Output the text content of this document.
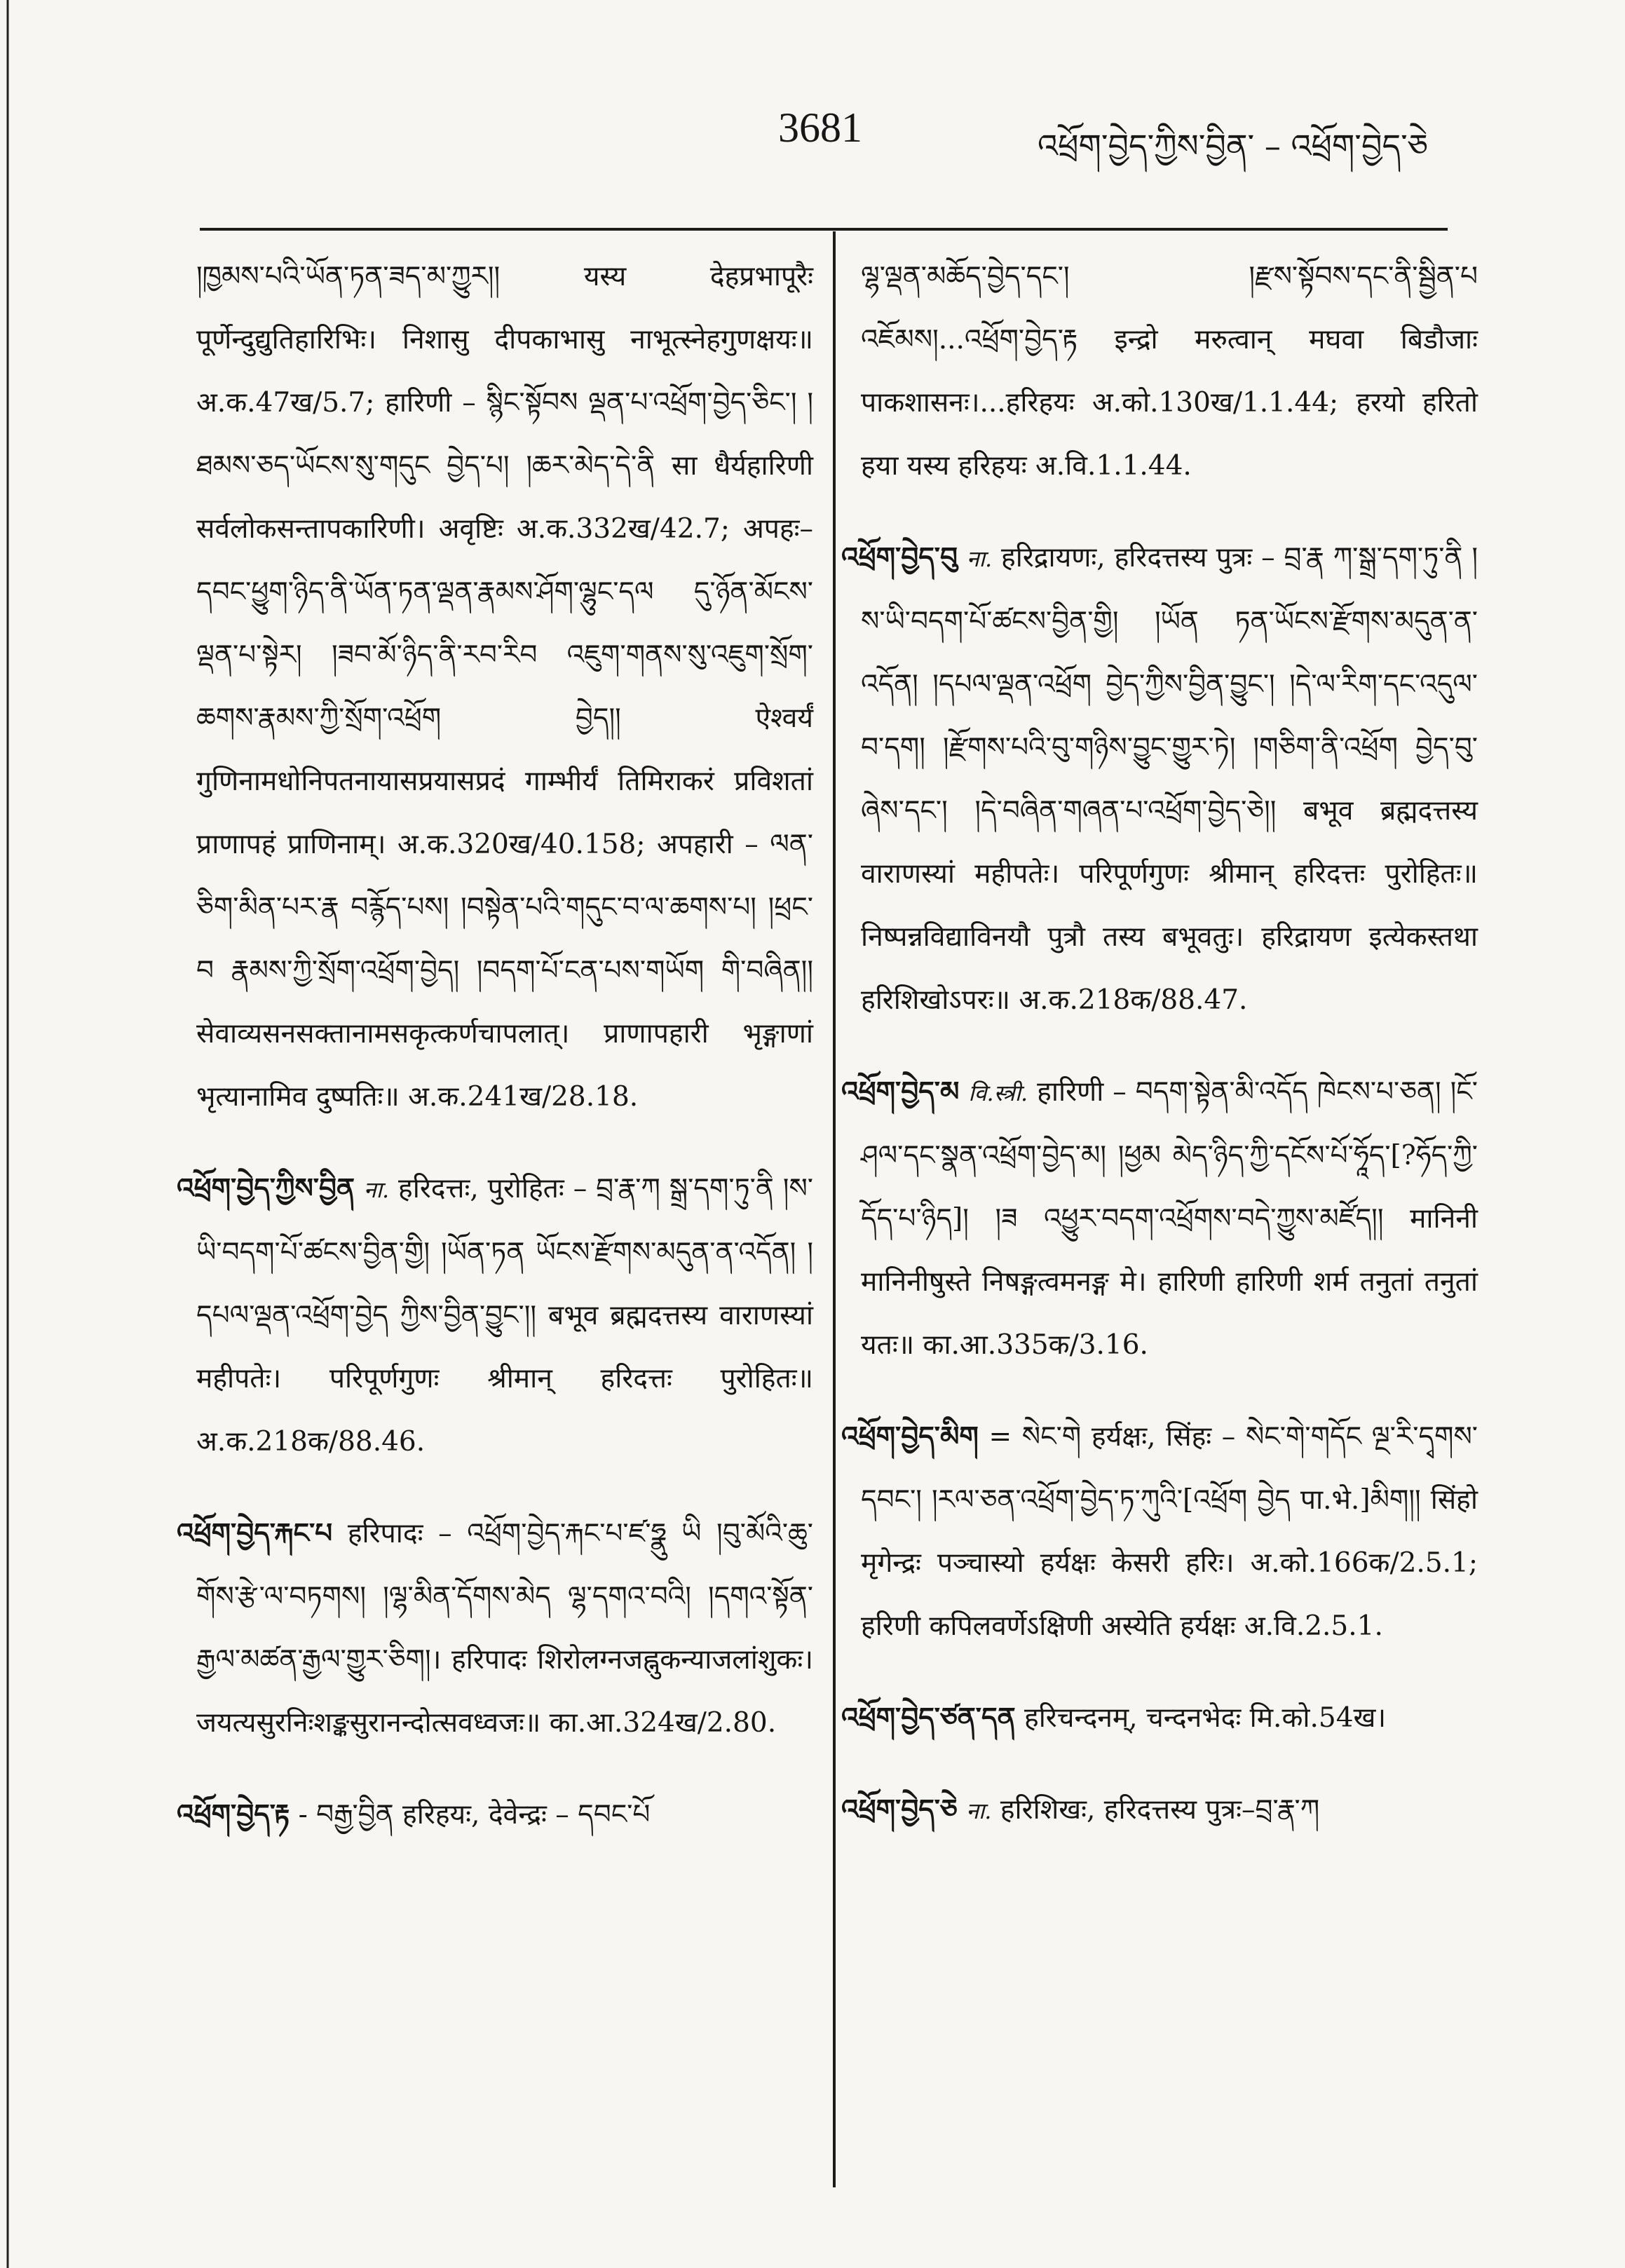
3681	འཕྲོག་བྱེད་ཀྱིས་བྱིན་ – འཕྲོག་བྱེད་ཅེ
།ཁྱམས་པའི་ཡོན་ཏན་ཟད་མ་ཀྱུར།། यस्य देहप्रभापूरैः पूर्णेन्दुद्युतिहारिभिः। निशासु दीपकाभासु नाभूत्स्नेहगुणक्षयः॥ अ.क.47ख/5.7; हारिणी – སྙིང་སྟོབས ལྡན་པ་འཕྲོག་བྱེད་ཅིང་། །ཐམས་ཅད་ཡོངས་སུ་གདུང བྱེད་པ། །ཆར་མེད་དེ་ནི सा धैर्यहारिणी सर्वलोकसन्तापकारिणी। अवृष्टिः अ.क.332ख/42.7; अपहः– དབང་ཕྱུག་ཉིད་ནི་ཡོན་ཏན་ལྡན་རྣམས་ཤོག་ལྷུང་དལ དུ་ཉོན་མོངས་ལྡན་པ་སྟེར། །ཟབ་མོ་ཉིད་ནི་རབ་རིབ འཇུག་གནས་སུ་འཇུག་སྲོག་ཆགས་རྣམས་ཀྱི་སྲོག་འཕྲོག བྱེད།། ऐश्वर्यं गुणिनामधोनिपतनायासप्रयासप्रदं गाम्भीर्यं तिमिराकरं प्रविशतां प्राणापहं प्राणिनाम्। अ.क.320ख/40.158; अपहारी – ལན་ཅིག་མིན་པར་རྣ བརྙོད་པས། །བསྟེན་པའི་གདུང་བ་ལ་ཆགས་པ། །ཕྲང་བ རྣམས་ཀྱི་སྲོག་འཕྲོག་བྱེད། །བདག་པོ་ངན་པས་གཡོག གི་བཞིན།། सेवाव्यसनसक्तानामसकृत्कर्णचापलात्। प्राणापहारी भृङ्गाणां भृत्यानामिव दुष्पतिः॥ अ.क.241ख/28.18.
འཕྲོག་བྱེད་ཀྱིས་བྱིན ना. हरिदत्तः, पुरोहितः – བྲ་རྣ་ཀ སྒྲ་དག་ཏུ་ནི །ས་ཡི་བདག་པོ་ཚངས་བྱིན་གྱི། །ཡོན་ཏན ཡོངས་རྫོགས་མདུན་ན་འདོན། །དཔལ་ལྡན་འཕྲོག་བྱེད ཀྱིས་བྱིན་བྱུང་།། बभूव ब्रह्मदत्तस्य वाराणस्यां महीपतेः। परिपूर्णगुणः श्रीमान् हरिदत्तः पुरोहितः॥ अ.क.218क/88.46.
འཕྲོག་བྱེད་རྐང་པ हरिपादः – འཕྲོག་བྱེད་རྐང་པ་ཛ་ཧྣུ ཡི །བུ་མོའི་ཆུ་གོས་རྩེ་ལ་བཏགས། །ལྷ་མིན་དོགས་མེད ལྷ་དགའ་བའི། །དགའ་སྟོན་རྒྱལ་མཚན་རྒྱལ་གྱུར་ཅིག།। हरिपादः शिरोलग्नजह्नुकन्याजलांशुकः। जयत्यसुरनिःशङ्कसुरानन्दोत्सवध्वजः॥ का.आ.324ख/2.80.
འཕྲོག་བྱེད་རྟ - བརྒྱ་བྱིན हरिहयः, देवेन्द्रः – དབང་པོ
ལྷ་ལྡན་མཆོད་བྱེད་དང་། །རྫས་སྟོབས་དང་ནི་སྦྱིན་པ འཇོམས།...འཕྲོག་བྱེད་རྟ इन्द्रो मरुत्वान् मघवा बिडौजाः पाकशासनः।...हरिहयः अ.को.130ख/1.1.44; हरयो हरितो हया यस्य हरिहयः अ.वि.1.1.44.
འཕྲོག་བྱེད་བུ ना. हरिद्रायणः, हरिदत्तस्य पुत्रः – བྲ་རྣ ཀ་སྒྲ་དག་ཏུ་ནི །ས་ཡི་བདག་པོ་ཚངས་བྱིན་གྱི། །ཡོན ཏན་ཡོངས་རྫོགས་མདུན་ན་འདོན། །དཔལ་ལྡན་འཕྲོག བྱེད་ཀྱིས་བྱིན་བྱུང་། །དེ་ལ་རིག་དང་འདུལ་བ་དག། །རྫོགས་པའི་བུ་གཉིས་བྱུང་གྱུར་ཏེ། །གཅིག་ནི་འཕྲོག བྱེད་བུ་ཞེས་དང་། །དེ་བཞིན་གཞན་པ་འཕྲོག་བྱེད་ཅེ།། बभूव ब्रह्मदत्तस्य वाराणस्यां महीपतेः। परिपूर्णगुणः श्रीमान् हरिदत्तः पुरोहितः॥ निष्पन्नविद्याविनयौ पुत्रौ तस्य बभूवतुः। हरिद्रायण इत्येकस्तथा हरिशिखोऽपरः॥ अ.क.218क/88.47.
འཕྲོག་བྱེད་མ वि.स्त्री. हारिणी – བདག་སྟེན་མི་འདོད ཁེངས་པ་ཅན། །ངོ་ཤལ་དང་སྣན་འཕྲོག་བྱེད་མ། །ཕྱམ མེད་ཉིད་ཀྱི་དངོས་པོ་ཧཱོད་[?ཧོད་ཀྱི་དོད་པ་ཉིད]། །ཟ འཕྱུར་བདག་འཕྲོགས་བདེ་ཀྱུས་མཛོད།། मानिनी मानिनीषुस्ते निषङ्गत्वमनङ्ग मे। हारिणी हारिणी शर्म तनुतां तनुतां यतः॥ का.आ.335क/3.16.
འཕྲོག་བྱེད་མིག = སེང་གེ हर्यक्षः, सिंहः – སེང་གེ་གདོང ལྔ་རི་དྭགས་དབང་། །རལ་ཅན་འཕྲོག་བྱེད་ཏ་ཀུའི་[འཕྲོག བྱེད पा.भे.]མིག།། सिंहो मृगेन्द्रः पञ्चास्यो हर्यक्षः केसरी हरिः। अ.को.166क/2.5.1; हरिणी कपिलवर्णेऽक्षिणी अस्येति हर्यक्षः अ.वि.2.5.1.
འཕྲོག་བྱེད་ཙན་དན हरिचन्दनम्, चन्दनभेदः मि.को.54ख।
འཕྲོག་བྱེད་ཅེ ना. हरिशिखः, हरिदत्तस्य पुत्रः–བྲ་རྣ་ཀ
